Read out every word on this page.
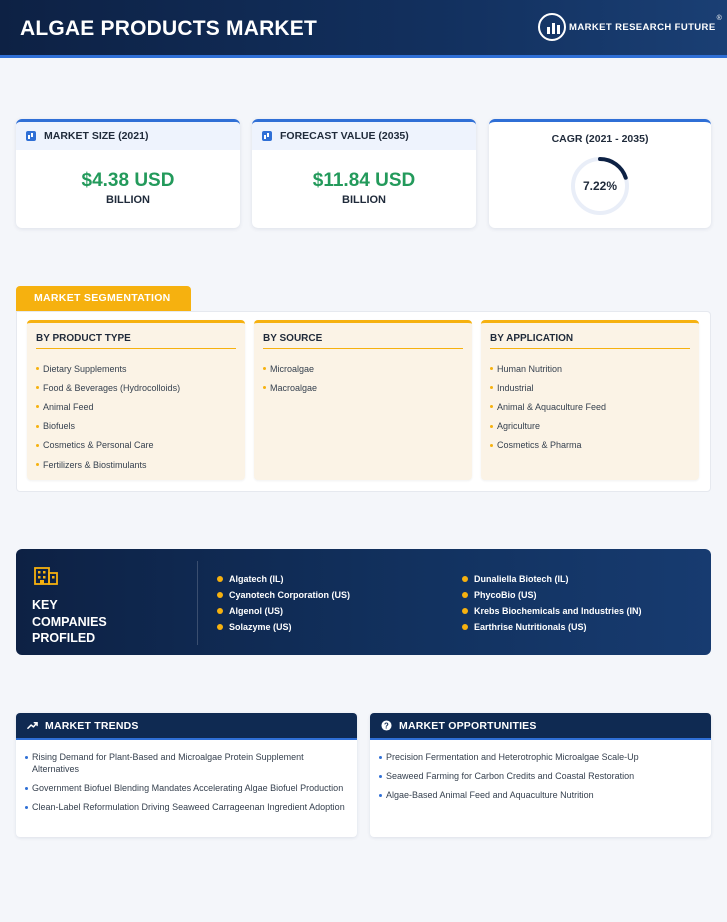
ALGAE PRODUCTS MARKET	MARKET RESEARCH FUTURE
®
MARKET SIZE (2021)
$4.38 USD
BILLION
FORECAST VALUE (2035)
$11.84 USD
BILLION
CAGR (2021 - 2035)
7.22%
MARKET SEGMENTATION
BY PRODUCT TYPE
Dietary Supplements
Food & Beverages (Hydrocolloids)
Animal Feed
Biofuels
Cosmetics & Personal Care
Fertilizers & Biostimulants
BY SOURCE
Microalgae
Macroalgae
BY APPLICATION
Human Nutrition
Industrial
Animal & Aquaculture Feed
Agriculture
Cosmetics & Pharma
KEY
COMPANIES
PROFILED
Algatech (IL)
Cyanotech Corporation (US)
Algenol (US)
Solazyme (US)
Dunaliella Biotech (IL)
PhycoBio (US)
Krebs Biochemicals and Industries (IN)
Earthrise Nutritionals (US)
MARKET TRENDS
Rising Demand for Plant-Based and Microalgae Protein Supplement Alternatives
Government Biofuel Blending Mandates Accelerating Algae Biofuel Production
Clean-Label Reformulation Driving Seaweed Carrageenan Ingredient Adoption
? MARKET OPPORTUNITIES
Precision Fermentation and Heterotrophic Microalgae Scale-Up
Seaweed Farming for Carbon Credits and Coastal Restoration
Algae-Based Animal Feed and Aquaculture Nutrition
